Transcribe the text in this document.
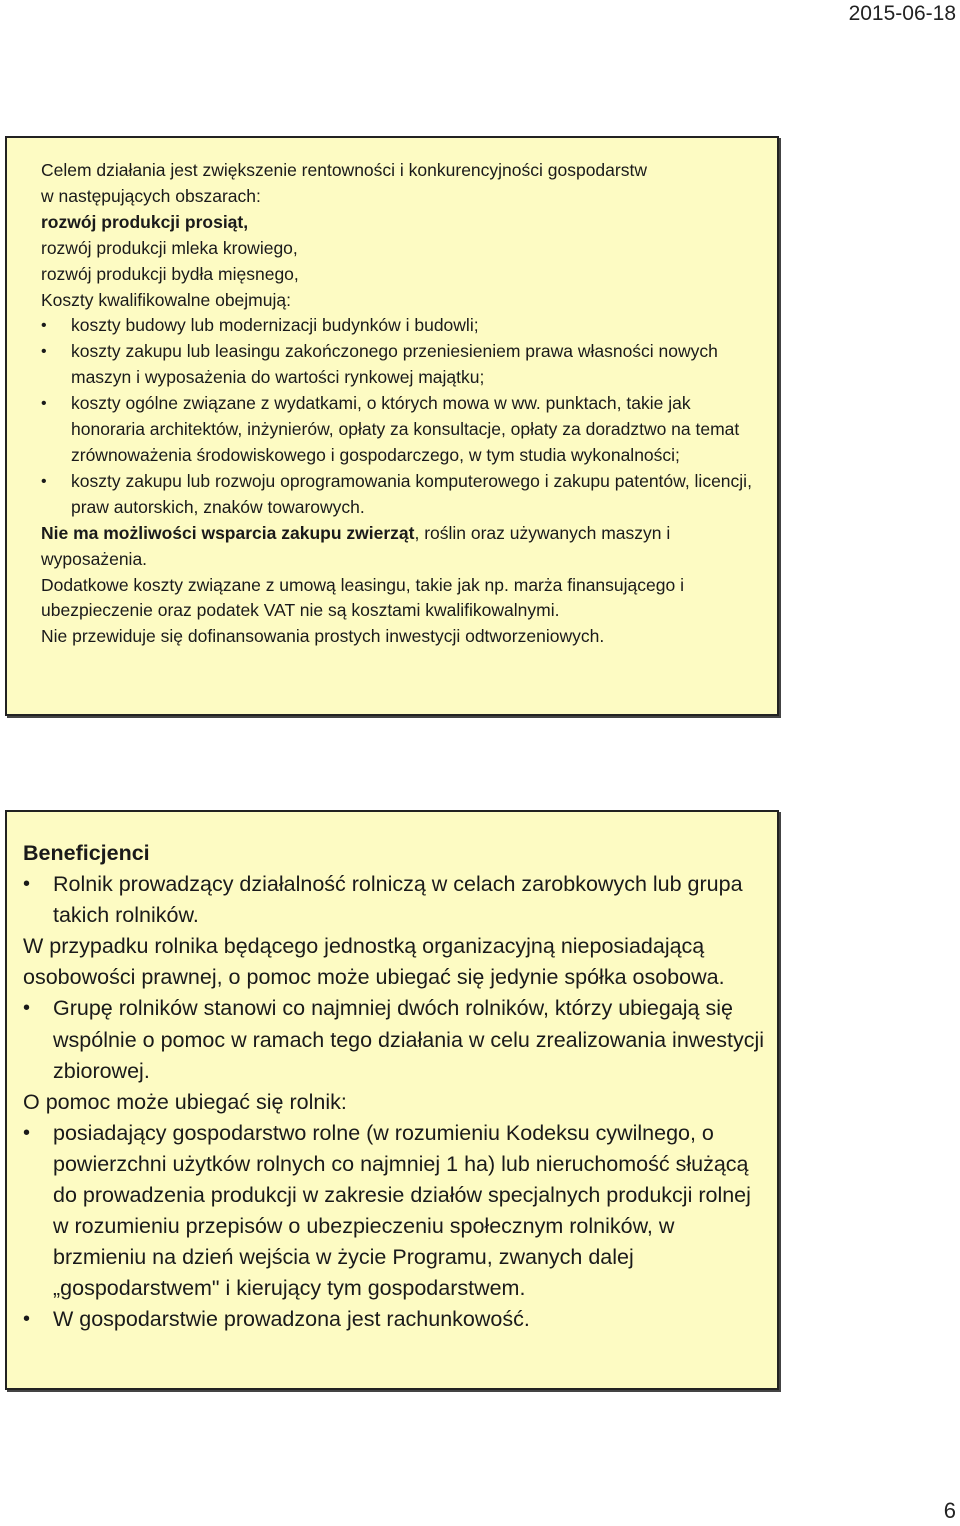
2015-06-18

Celem działania jest zwiększenie rentowności i konkurencyjności gospodarstw

w następujących obszarach:

rozwój produkcji prosiąt,

rozwój produkcji mleka krowiego,

rozwój produkcji bydła mięsnego,

Koszty kwalifikowalne obejmują:

• koszty budowy lub modernizacji budynków i budowli;

• koszty zakupu lub leasingu zakończonego przeniesieniem prawa własności nowych maszyn i wyposażenia do wartości rynkowej majątku;

• koszty ogólne związane z wydatkami, o których mowa w ww. punktach, takie jak honoraria architektów, inżynierów, opłaty za konsultacje, opłaty za doradztwo na temat zrównoważenia środowiskowego i gospodarczego, w tym studia wykonalności;

• koszty zakupu lub rozwoju oprogramowania komputerowego i zakupu patentów, licencji, praw autorskich, znaków towarowych.

Nie ma możliwości wsparcia zakupu zwierząt, roślin oraz używanych maszyn i wyposażenia.

Dodatkowe koszty związane z umową leasingu, takie jak np. marża finansującego i ubezpieczenie oraz podatek VAT nie są kosztami kwalifikowalnymi.

Nie przewiduje się dofinansowania prostych inwestycji odtworzeniowych.

Beneficjenci

• Rolnik prowadzący działalność rolniczą w celach zarobkowych lub grupa takich rolników.

W przypadku rolnika będącego jednostką organizacyjną nieposiadającą osobowości prawnej, o pomoc może ubiegać się jedynie spółka osobowa.

• Grupę rolników stanowi co najmniej dwóch rolników, którzy ubiegają się wspólnie o pomoc w ramach tego działania w celu zrealizowania inwestycji zbiorowej.

O pomoc może ubiegać się rolnik:

• posiadający gospodarstwo rolne (w rozumieniu Kodeksu cywilnego, o powierzchni użytków rolnych co najmniej 1 ha) lub nieruchomość służącą do prowadzenia produkcji w zakresie działów specjalnych produkcji rolnej w rozumieniu przepisów o ubezpieczeniu społecznym rolników, w brzmieniu na dzień wejścia w życie Programu, zwanych dalej „gospodarstwem" i kierujący tym gospodarstwem.

• W gospodarstwie prowadzona jest rachunkowość.

6
